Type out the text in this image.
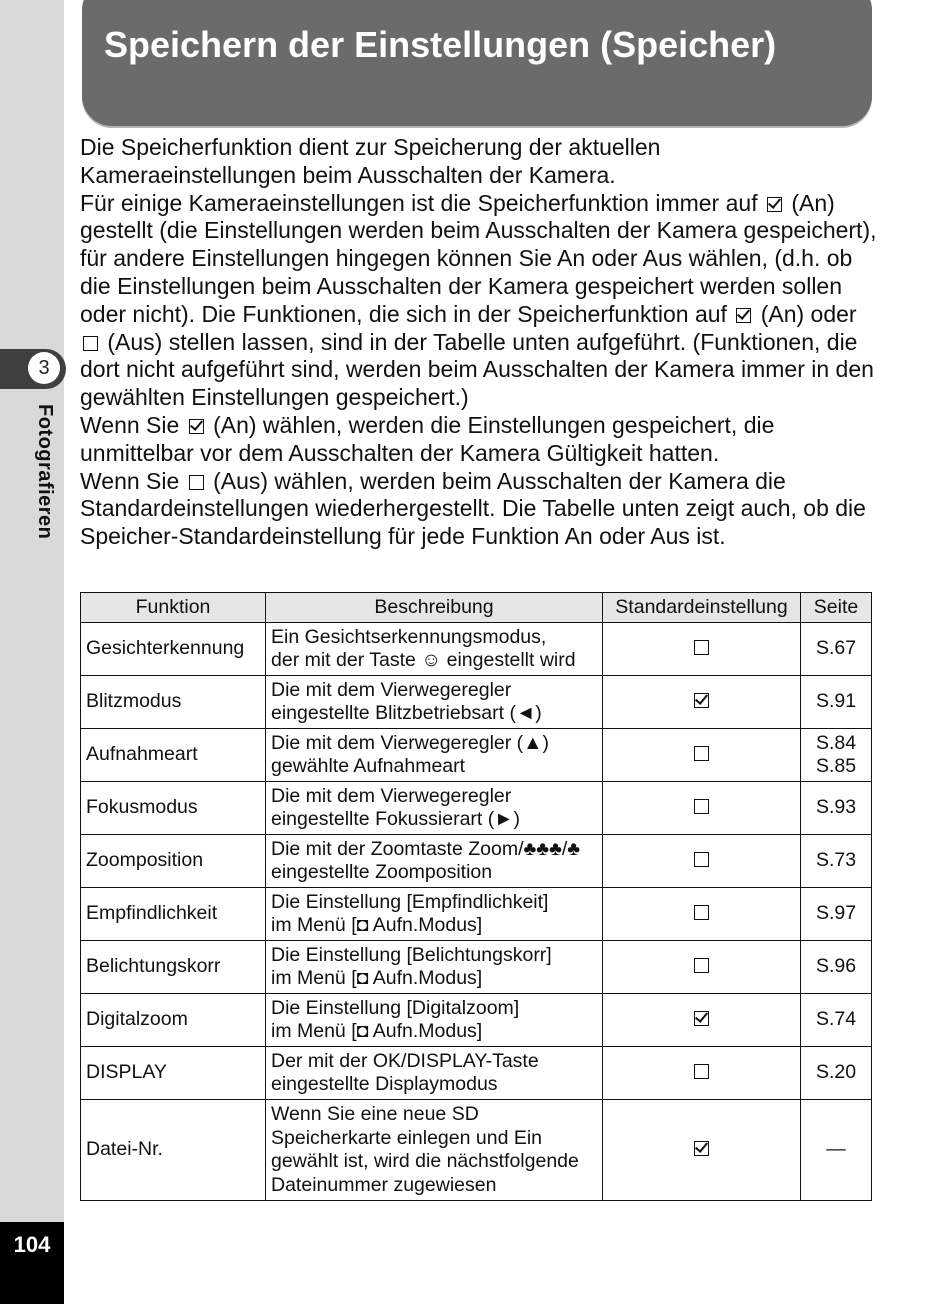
3
Fotografieren
104
Speichern der Einstellungen (Speicher)

Die Speicherfunktion dient zur Speicherung der aktuellen Kameraeinstellungen beim Ausschalten der Kamera.

Für einige Kameraeinstellungen ist die Speicherfunktion immer auf (An) gestellt (die Einstellungen werden beim Ausschalten der Kamera gespeichert), für andere Einstellungen hingegen können Sie An oder Aus wählen, (d.h. ob die Einstellungen beim Ausschalten der Kamera gespeichert werden sollen oder nicht). Die Funktionen, die sich in der Speicherfunktion auf (An) oder  (Aus) stellen lassen, sind in der Tabelle unten aufgeführt. (Funktionen, die dort nicht aufgeführt sind, werden beim Ausschalten der Kamera immer in den gewählten Einstellungen gespeichert.)

Wenn Sie (An) wählen, werden die Einstellungen gespeichert, die unmittelbar vor dem Ausschalten der Kamera Gültigkeit hatten.

Wenn Sie (Aus) wählen, werden beim Ausschalten der Kamera die Standardeinstellungen wiederhergestellt. Die Tabelle unten zeigt auch, ob die Speicher-Standardeinstellung für jede Funktion An oder Aus ist.

Funktion	Beschreibung	Standardeinstellung	Seite
Gesichterkennung	Ein Gesichtserkennungsmodus,
der mit der Taste ☺ eingestellt wird		S.67
Blitzmodus	Die mit dem Vierwegeregler
eingestellte Blitzbetriebsart (◄)		S.91
Aufnahmeart	Die mit dem Vierwegeregler (▲)
gewählte Aufnahmeart		S.84
S.85
Fokusmodus	Die mit dem Vierwegeregler
eingestellte Fokussierart (►)		S.93
Zoomposition	Die mit der Zoomtaste Zoom/♣♣♣/♣
eingestellte Zoomposition		S.73
Empfindlichkeit	Die Einstellung [Empfindlichkeit]
im Menü [◘ Aufn.Modus]		S.97
Belichtungskorr	Die Einstellung [Belichtungskorr]
im Menü [◘ Aufn.Modus]		S.96
Digitalzoom	Die Einstellung [Digitalzoom]
im Menü [◘ Aufn.Modus]		S.74
DISPLAY	Der mit der OK/DISPLAY-Taste
eingestellte Displaymodus		S.20
Datei-Nr.	Wenn Sie eine neue SD
Speicherkarte einlegen und Ein
gewählt ist, wird die nächstfolgende
Dateinummer zugewiesen		—
